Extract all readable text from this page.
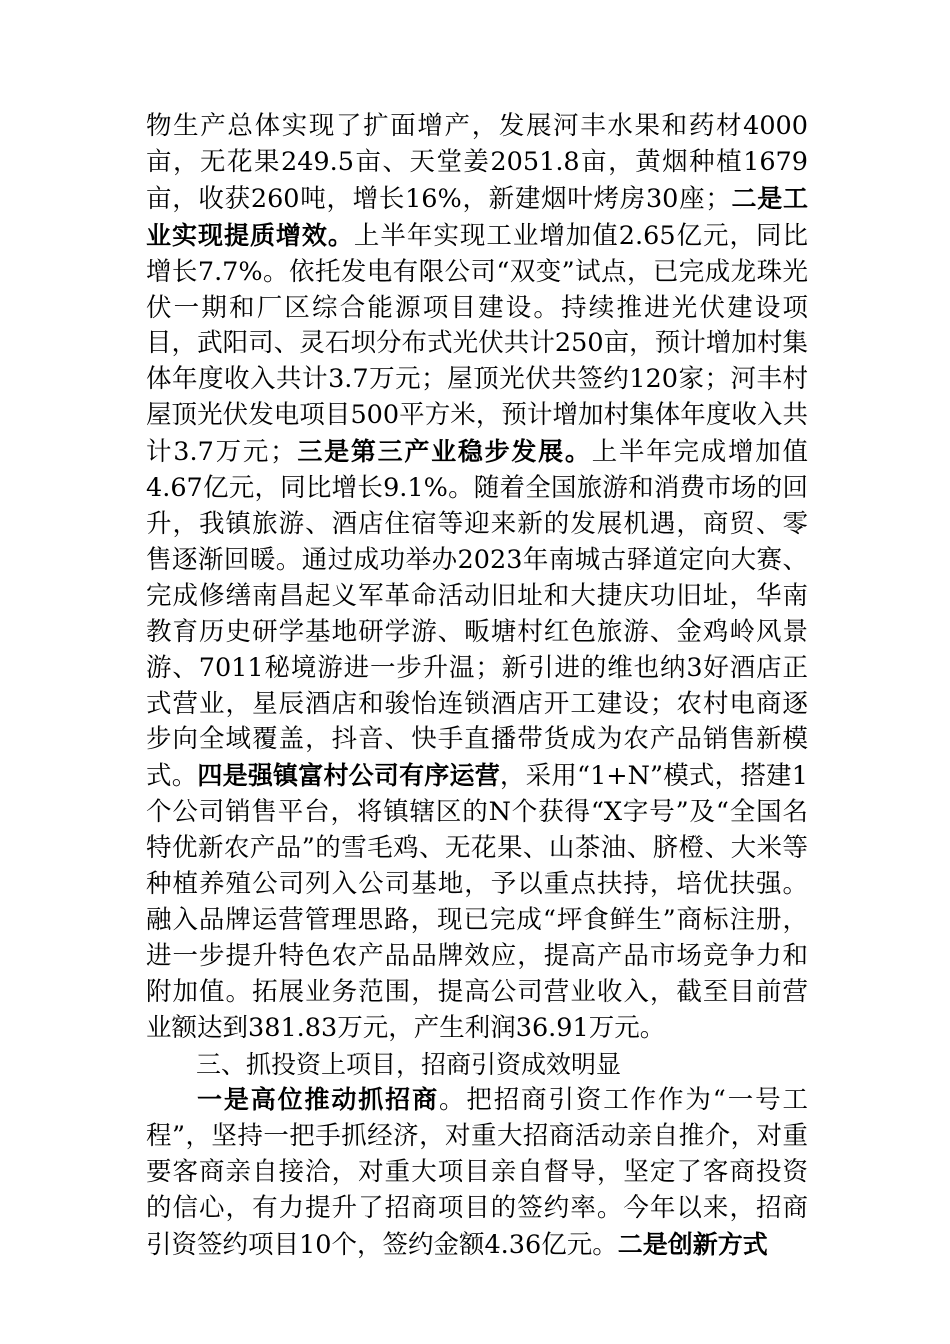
物生产总体实现了扩面增产，发展河丰水果和药材4000亩，无花果249.5亩、天堂姜2051.8亩，黄烟种植1679亩，收获260吨，增长16%，新建烟叶烤房30座；二是工业实现提质增效。上半年实现工业增加值2.65亿元，同比增长7.7%。依托发电有限公司“双变”试点，已完成龙珠光伏一期和厂区综合能源项目建设。持续推进光伏建设项目，武阳司、灵石坝分布式光伏共计250亩，预计增加村集体年度收入共计3.7万元；屋顶光伏共签约120家；河丰村屋顶光伏发电项目500平方米，预计增加村集体年度收入共计3.7万元；三是第三产业稳步发展。上半年完成增加值4.67亿元，同比增长9.1%。随着全国旅游和消费市场的回升，我镇旅游、酒店住宿等迎来新的发展机遇，商贸、零售逐渐回暖。通过成功举办2023年南城古驿道定向大赛、完成修缮南昌起义军革命活动旧址和大捷庆功旧址，华南教育历史研学基地研学游、畈塘村红色旅游、金鸡岭风景游、7011秘境游进一步升温；新引进的维也纳3好酒店正式营业，星辰酒店和骏怡连锁酒店开工建设；农村电商逐步向全域覆盖，抖音、快手直播带货成为农产品销售新模式。四是强镇富村公司有序运营，采用“1+N”模式，搭建1个公司销售平台，将镇辖区的N个获得“X字号”及“全国名特优新农产品”的雪毛鸡、无花果、山茶油、脐橙、大米等种植养殖公司列入公司基地，予以重点扶持，培优扶强。融入品牌运营管理思路，现已完成“坪食鲜生”商标注册，进一步提升特色农产品品牌效应，提高产品市场竞争力和附加值。拓展业务范围，提高公司营业收入，截至目前营业额达到381.83万元，产生利润36.91万元。

三、抓投资上项目，招商引资成效明显

一是高位推动抓招商。把招商引资工作作为“一号工程”，坚持一把手抓经济，对重大招商活动亲自推介，对重要客商亲自接洽，对重大项目亲自督导，坚定了客商投资的信心，有力提升了招商项目的签约率。今年以来，招商引资签约项目10个，签约金额4.36亿元。二是创新方式
